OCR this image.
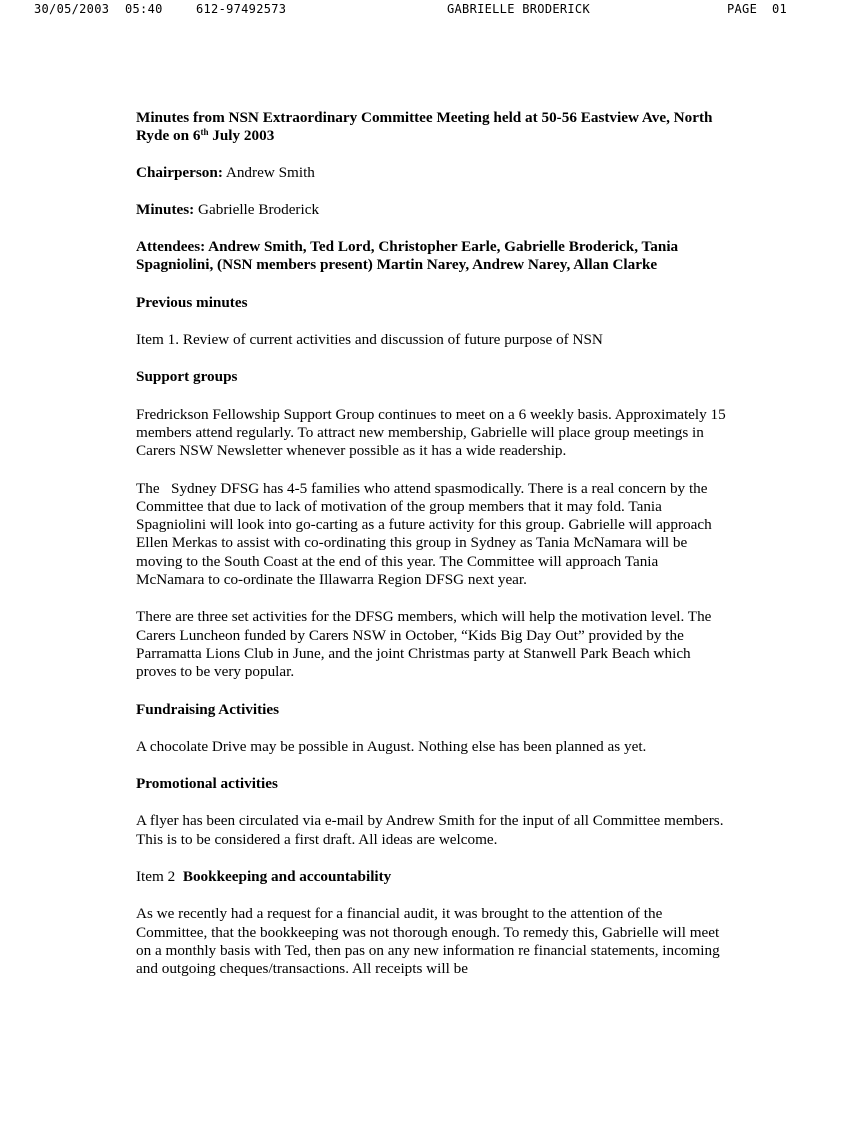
30/05/2003 05:40	612-97492573	GABRIELLE BRODERICK	PAGE 01

Minutes from NSN Extraordinary Committee Meeting held at 50-56 Eastview Ave, North Ryde on 6th July 2003

Chairperson: Andrew Smith

Minutes: Gabrielle Broderick

Attendees: Andrew Smith, Ted Lord, Christopher Earle, Gabrielle Broderick, Tania Spagniolini, (NSN members present) Martin Narey, Andrew Narey, Allan Clarke

Previous minutes

Item 1. Review of current activities and discussion of future purpose of NSN

Support groups

Fredrickson Fellowship Support Group continues to meet on a 6 weekly basis. Approximately 15 members attend regularly. To attract new membership, Gabrielle will place group meetings in Carers NSW Newsletter whenever possible as it has a wide readership.

The   Sydney DFSG has 4-5 families who attend spasmodically. There is a real concern by the Committee that due to lack of motivation of the group members that it may fold. Tania Spagniolini will look into go-carting as a future activity for this group. Gabrielle will approach Ellen Merkas to assist with co-ordinating this group in Sydney as Tania McNamara will be moving to the South Coast at the end of this year. The Committee will approach Tania McNamara to co-ordinate the Illawarra Region DFSG next year.

There are three set activities for the DFSG members, which will help the motivation level. The Carers Luncheon funded by Carers NSW in October, “Kids Big Day Out” provided by the Parramatta Lions Club in June, and the joint Christmas party at Stanwell Park Beach which proves to be very popular.

Fundraising Activities

A chocolate Drive may be possible in August. Nothing else has been planned as yet.

Promotional activities

A flyer has been circulated via e-mail by Andrew Smith for the input of all Committee members. This is to be considered a first draft. All ideas are welcome.

Item 2  Bookkeeping and accountability

As we recently had a request for a financial audit, it was brought to the attention of the Committee, that the bookkeeping was not thorough enough. To remedy this, Gabrielle will meet on a monthly basis with Ted, then pas on any new information re financial statements, incoming and outgoing cheques/transactions. All receipts will be
